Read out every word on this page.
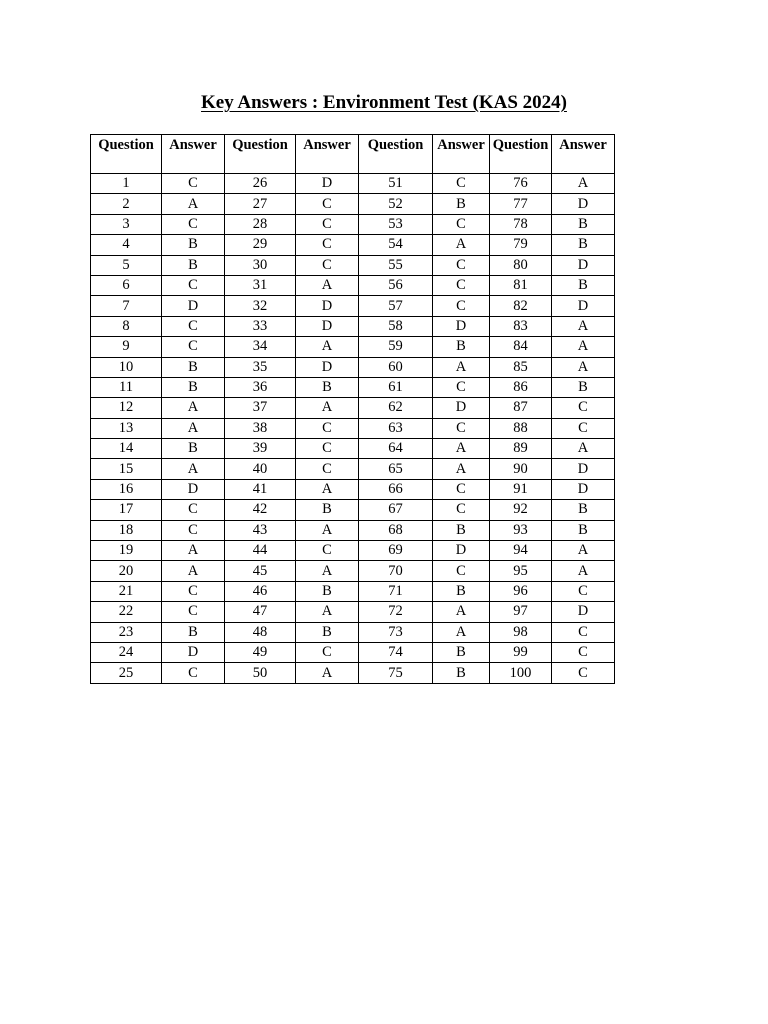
Key Answers : Environment Test (KAS 2024)
Question	Answer	Question	Answer	Question	Answer	Question	Answer
1	C	26	D	51	C	76	A
2	A	27	C	52	B	77	D
3	C	28	C	53	C	78	B
4	B	29	C	54	A	79	B
5	B	30	C	55	C	80	D
6	C	31	A	56	C	81	B
7	D	32	D	57	C	82	D
8	C	33	D	58	D	83	A
9	C	34	A	59	B	84	A
10	B	35	D	60	A	85	A
11	B	36	B	61	C	86	B
12	A	37	A	62	D	87	C
13	A	38	C	63	C	88	C
14	B	39	C	64	A	89	A
15	A	40	C	65	A	90	D
16	D	41	A	66	C	91	D
17	C	42	B	67	C	92	B
18	C	43	A	68	B	93	B
19	A	44	C	69	D	94	A
20	A	45	A	70	C	95	A
21	C	46	B	71	B	96	C
22	C	47	A	72	A	97	D
23	B	48	B	73	A	98	C
24	D	49	C	74	B	99	C
25	C	50	A	75	B	100	C
